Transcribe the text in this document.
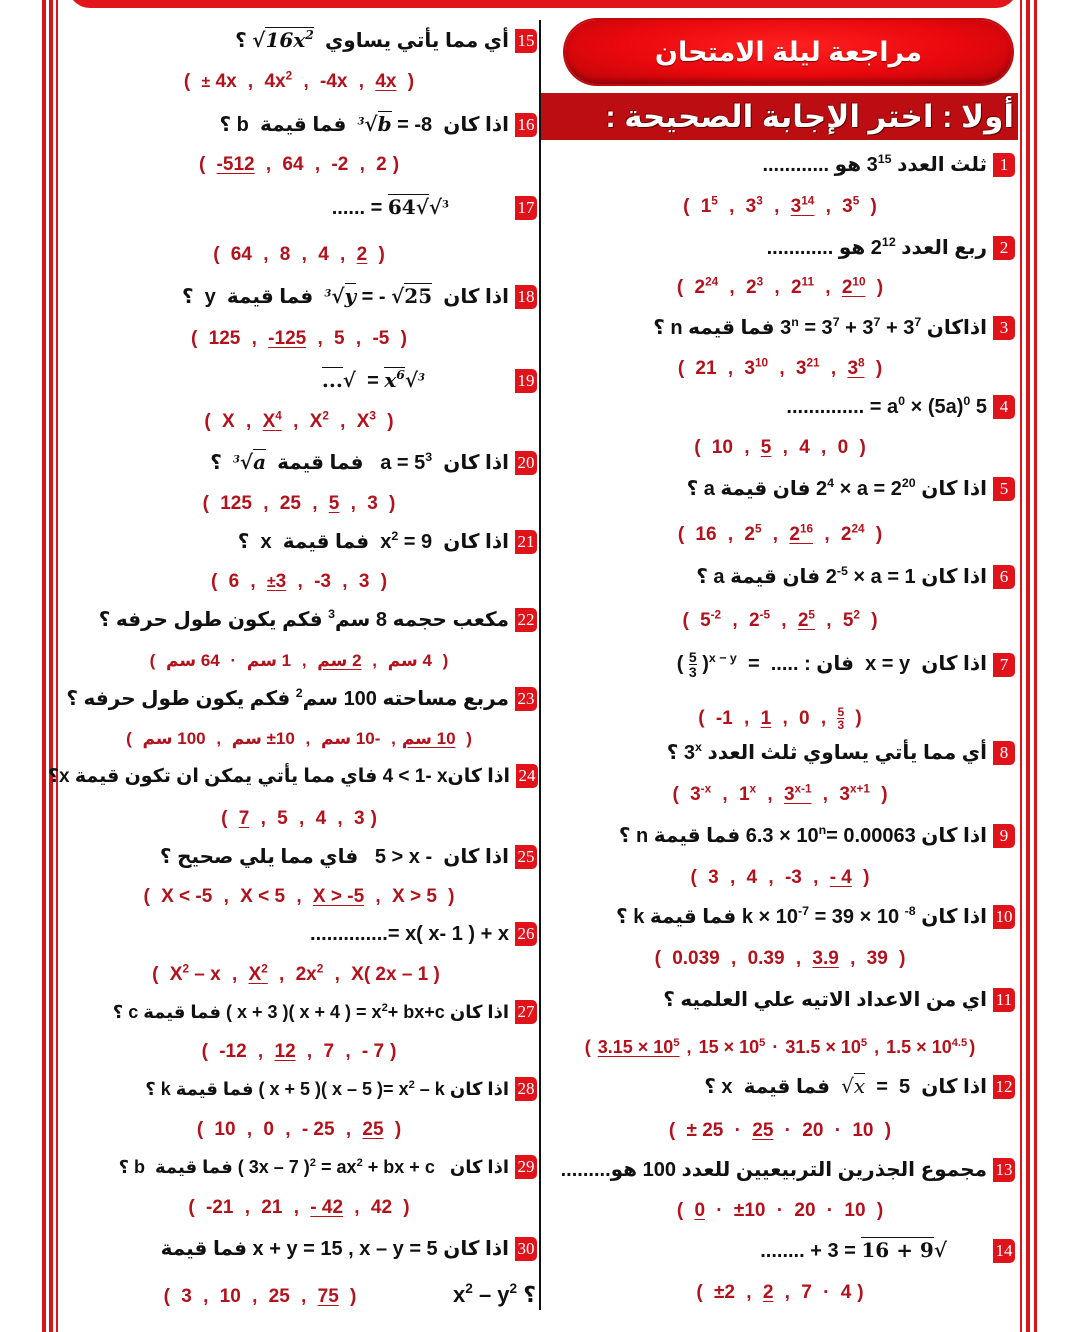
مراجعة ليلة الامتحان
أولا : اختر الإجابة الصحيحة :
1
ثلث العدد $3^{15}$ هو ............
( $1^5$ , $3^3$ , $3^{14}$ , $3^5$ )
2
ربع العدد $2^{12}$ هو ............
( $2^{24}$ , $2^3$ , $2^{11}$ , $2^{10}$ )
3
اذاكان $3^n = 3^7 + 3^7 + 3^7$ فما قيمه n ؟
( 21 , $3^{10}$ , $3^{21}$ , $3^8$ )
4
5 $a^0 \times (5a)^0$ = ..............
( 10 , 5 , 4 , 0 )
5
اذا كان $2^4 \times a = 2^{20}$ فان قيمة a ؟
( 16 , $2^5$ , $2^{16}$ , $2^{24}$ )
6
اذا كان $2^{-5} \times a = 1$ فان قيمة a ؟
( $5^{-2}$ , $2^{-5}$ , $2^5$ , $5^2$ )
7
اذا كان  x = y  فان : .....  =  ( $\frac{5}{3} )^{x - y}$
( -1 , 1 , 0 , $\frac{5}{3}$ )
8
أي مما يأتي يساوي ثلث العدد 3$^x$ ؟
( $3^{-x}$ , 1$^x$ , 3$^{x-1}$ , $3^{x+1}$ )
9
اذا كان $6.3 \times 10^n= 0.00063$ فما قيمة n ؟
( 3 , 4 , -3 , - 4 )
10
اذا كان $k \times 10^{-7} = 39 \times 10$ $^{-8}$ فما قيمة k ؟
( 0.039 , 0.39 , 3.9 , 39 )
11
اي من الاعداد الاتيه علي العلميه ؟
( $3.15 \times 10^5$ , $15 \times 10^5 \cdot 31.5 \times 10^5$ , $1.5 \times 10^{4.5}$ )
12
اذا كان  5  =  √x  فما قيمة  x ؟
( ± 25 · 25 · 20 · 10 )
13
مجموع الجذرين التربيعيين للعدد 100 هو.........
( 0 · ±10 · 20 · 10 )
14
√9 + 16 = 3 + ........
( ±2 , 2 , 7 · 4 )
15
أي مما يأتي يساوي  $√16x^2$ ؟
( ± 4x , $4x^2$ , -4x , 4x )
16
اذا كان  $^3$√b = -8  فما قيمة  b ؟
( -512 , 64 , -2 , 2 )
17
$^3$√√64 = ......
( 64 , 8 , 4 , 2 )
18
اذا كان  $^3$√y = - √25  فما قيمة  y  ؟
( 125 , -125 , 5 , -5 )
19
$^3√x^6$ =  √...
( X , $X^4$ , $X^2$ , $X^3$ )
20
اذا كان  $a = 5^3$   فما قيمة  $^3$√a  ؟
( 125 , 25 , 5 , 3 )
21
اذا كان  $x^2 = 9$  فما قيمة  x  ؟
( 6 , ±3 , -3 , 3 )
22
مكعب حجمه 8 سم$^3$ فكم يكون طول حرفه ؟
( 4 سم , 2 سم , 1 سم · 64 سم )
23
مربع مساحته 100 سم$^2$ فكم يكون طول حرفه ؟
( 10 سم, -10 سم , ±10 سم , 100 سم )
24
اذا كان4 < 1- x فاي مما يأتي يمكن ان تكون قيمة x؟
( 7 , 5 , 4 , 3 )
25
اذا كان  5 > x -   فاي مما يلي صحيح ؟
( X < -5 , X < 5 , X > -5 , X > 5 )
26
x( x- 1 ) + x =..............
( $X^2$ – x , $X^2$ , $2x^2$ , X( 2x – 1 )
27
اذا كان ( x + 3 )( x + 4 ) = $x^2+ bx+c$ فما قيمة c ؟
( -12 , 12 , 7 , - 7 )
28
اذا كان ( x + 5 )( x – 5 )= $x^2$ – k فما قيمة k ؟
( 10 , 0 , - 25 , 25 )
29
اذا كان   ( 3x – 7 )$^2 = ax^2$ + bx + c فما قيمة  b ؟
( -21 , 21 , - 42 , 42 )
30
اذا كان x + y = 15 , x – y = 5 فما قيمة
؟ $x^2 - y^2$
( 3 , 10 , 25 , 75 )
